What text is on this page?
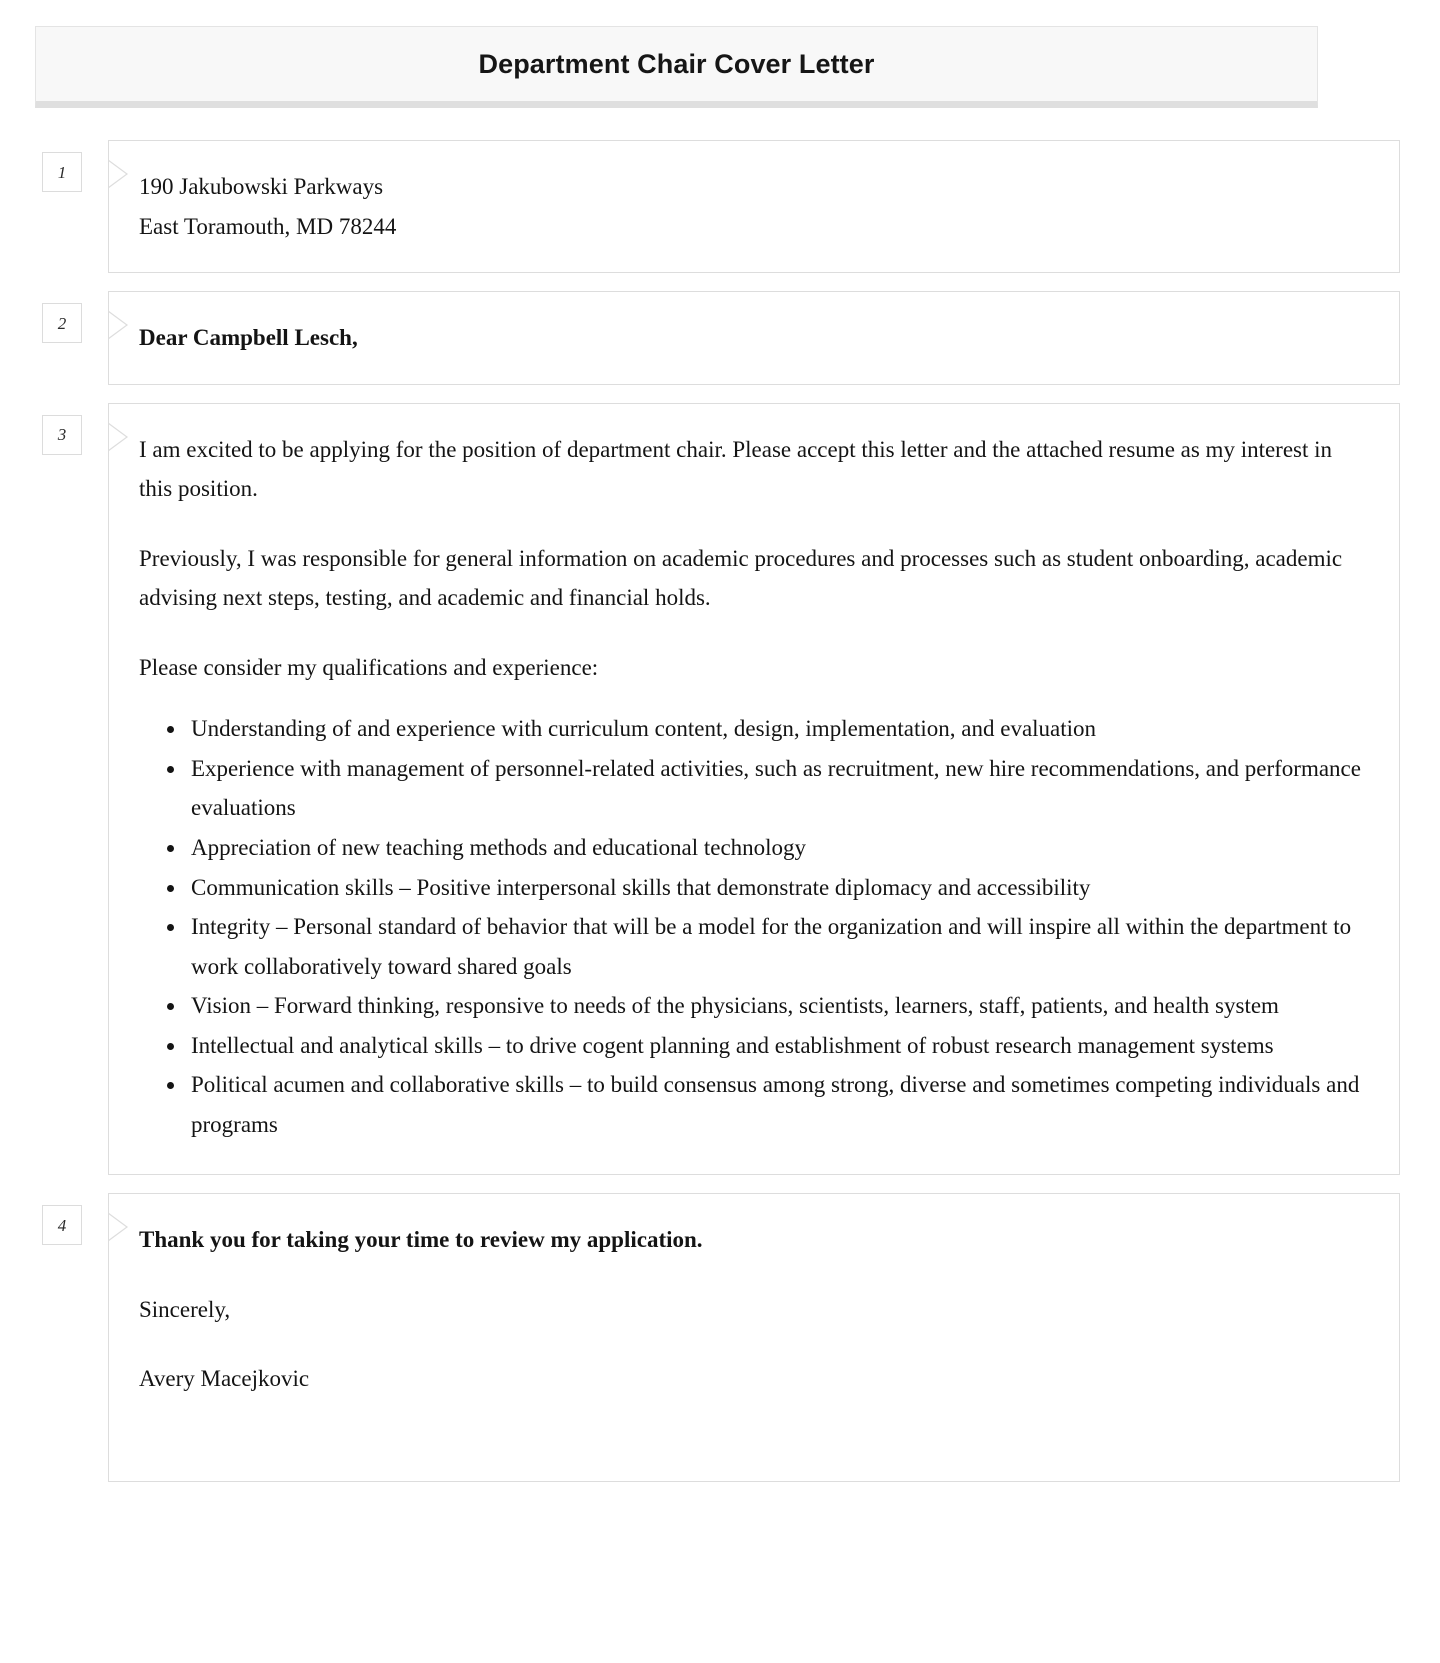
Department Chair Cover Letter
1
190 Jakubowski Parkways
East Toramouth, MD 78244
2

Dear Campbell Lesch,

3

I am excited to be applying for the position of department chair. Please accept this letter and the attached resume as my interest in this position.

Previously, I was responsible for general information on academic procedures and processes such as student onboarding, academic advising next steps, testing, and academic and financial holds.

Please consider my qualifications and experience:

• Understanding of and experience with curriculum content, design, implementation, and evaluation
• Experience with management of personnel-related activities, such as recruitment, new hire recommendations, and performance evaluations
• Appreciation of new teaching methods and educational technology
• Communication skills – Positive interpersonal skills that demonstrate diplomacy and accessibility
• Integrity – Personal standard of behavior that will be a model for the organization and will inspire all within the department to work collaboratively toward shared goals
• Vision – Forward thinking, responsive to needs of the physicians, scientists, learners, staff, patients, and health system
• Intellectual and analytical skills – to drive cogent planning and establishment of robust research management systems
• Political acumen and collaborative skills – to build consensus among strong, diverse and sometimes competing individuals and programs
4

Thank you for taking your time to review my application.

Sincerely,

Avery Macejkovic
